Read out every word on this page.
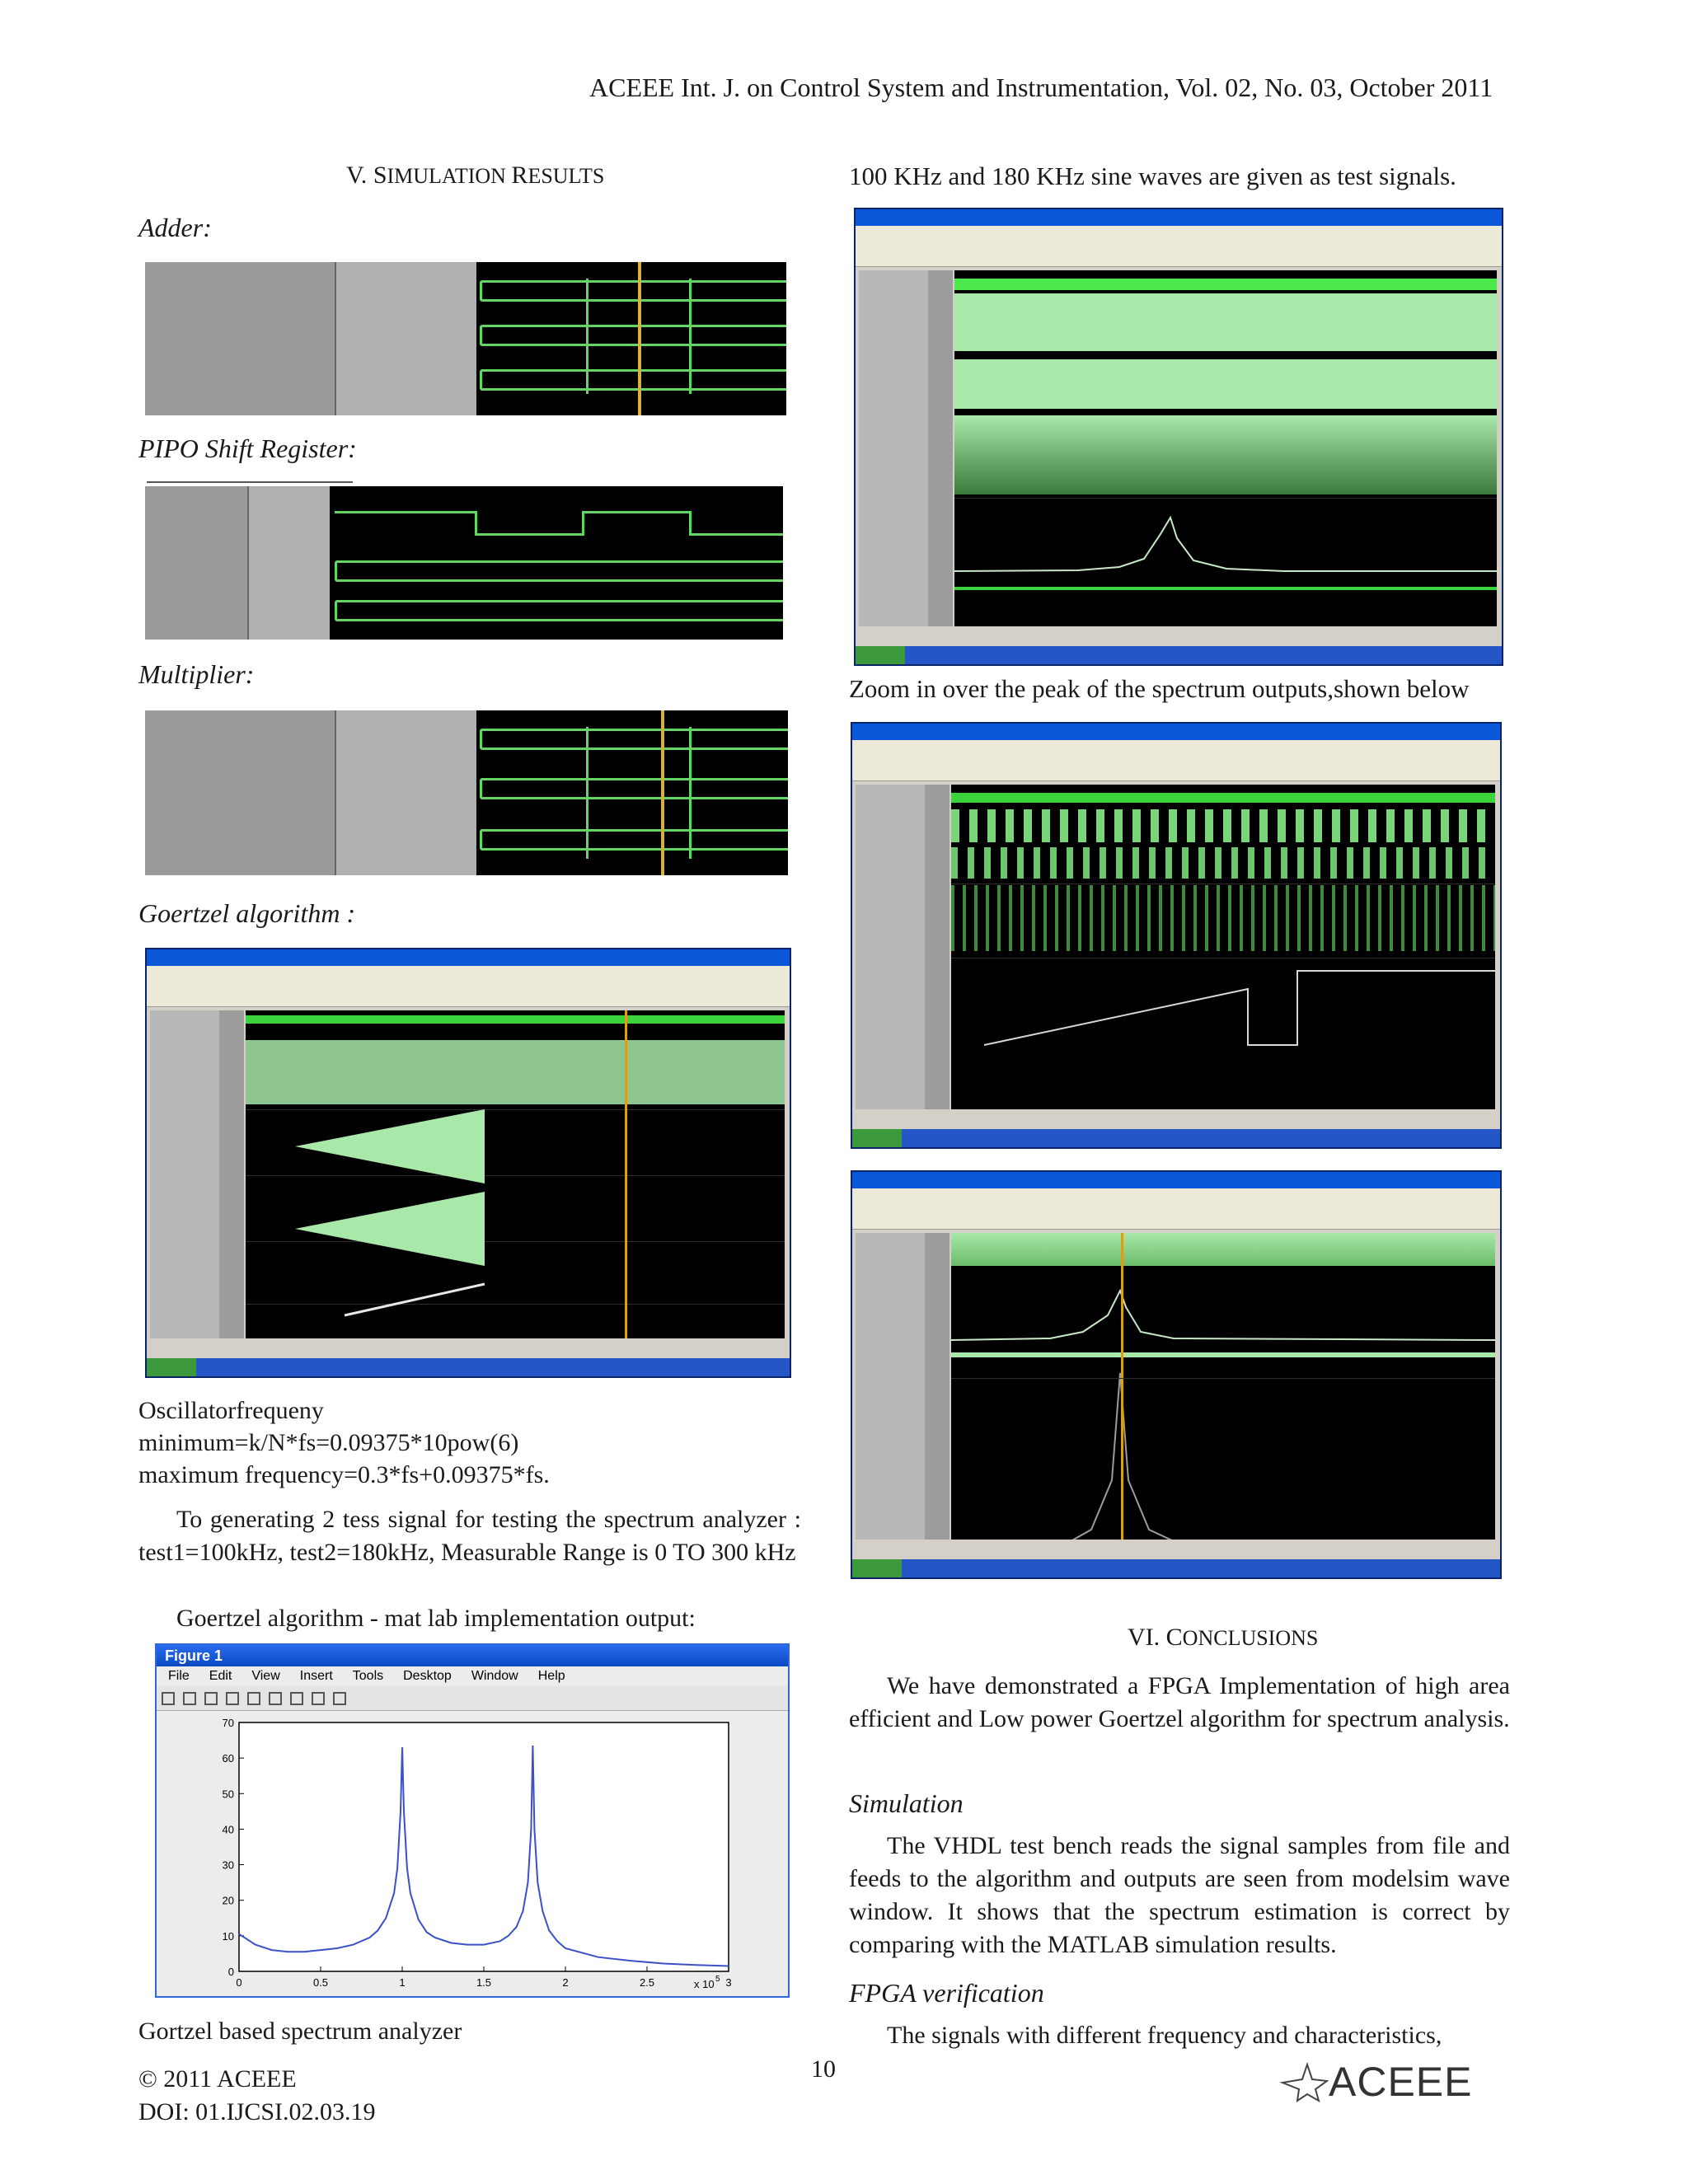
ACEEE Int. J. on Control System and Instrumentation, Vol. 02, No. 03, October 2011
V. SIMULATION RESULTS
Adder:
PIPO Shift Register:
Multiplier:
Goertzel algorithm :
Oscillatorfrequeny
minimum=k/N*fs=0.09375*10pow(6)
maximum frequency=0.3*fs+0.09375*fs.
To generating 2 tess signal for testing the spectrum analyzer : test1=100kHz, test2=180kHz, Measurable Range is 0 TO 300 kHz
Goertzel algorithm - mat lab implementation output:
Figure 1
File Edit View Insert Tools Desktop Window Help
0	0.5	1	1.5	2	2.5	3
0
10
20
30
40
50
60
70
x 10 5
Gortzel based spectrum analyzer
100 KHz and 180 KHz sine waves are given as test signals.
Zoom in over the peak of the spectrum outputs,shown below
VI. CONCLUSIONS
We have demonstrated a FPGA Implementation of high area efficient and Low power Goertzel algorithm for spectrum analysis.
Simulation
The VHDL test bench reads the signal samples from file and feeds to the algorithm and outputs are seen from modelsim wave window. It shows that the spectrum estimation is correct by comparing with the MATLAB simulation results.
FPGA verification
The signals with different frequency and characteristics,
© 2011 ACEEE
DOI: 01.IJCSI.02.03.19
10	ACEEE
